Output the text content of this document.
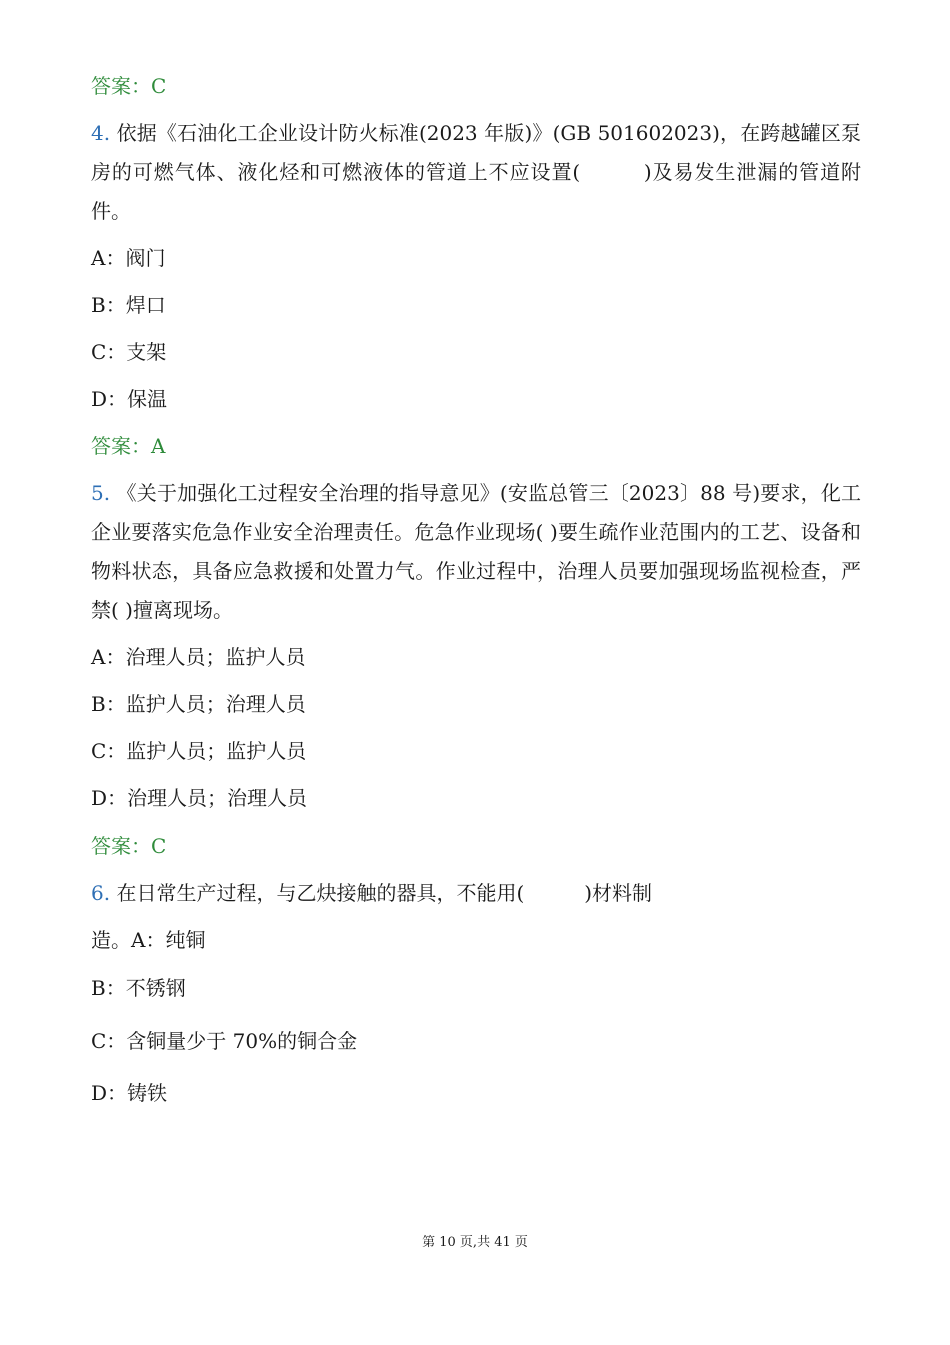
答案：C
4. 依据《石油化工企业设计防火标准(2023 年版)》(GB 501602023)，在跨越罐区泵房的可燃气体、液化烃和可燃液体的管道上不应设置(　　　)及易发生泄漏的管道附件。
A：阀门
B：焊口
C：支架
D：保温
答案：A
5. 《关于加强化工过程安全治理的指导意见》(安监总管三〔2023〕88 号)要求，化工企业要落实危急作业安全治理责任。危急作业现场( )要生疏作业范围内的工艺、设备和物料状态，具备应急救援和处置力气。作业过程中，治理人员要加强现场监视检查，严禁( )擅离现场。
A：治理人员；监护人员
B：监护人员；治理人员
C：监护人员；监护人员
D：治理人员；治理人员
答案：C
6. 在日常生产过程，与乙炔接触的器具，不能用(　　　)材料制
造。A：纯铜
B：不锈钢
C：含铜量少于 70%的铜合金
D：铸铁
第 10 页,共 41 页
